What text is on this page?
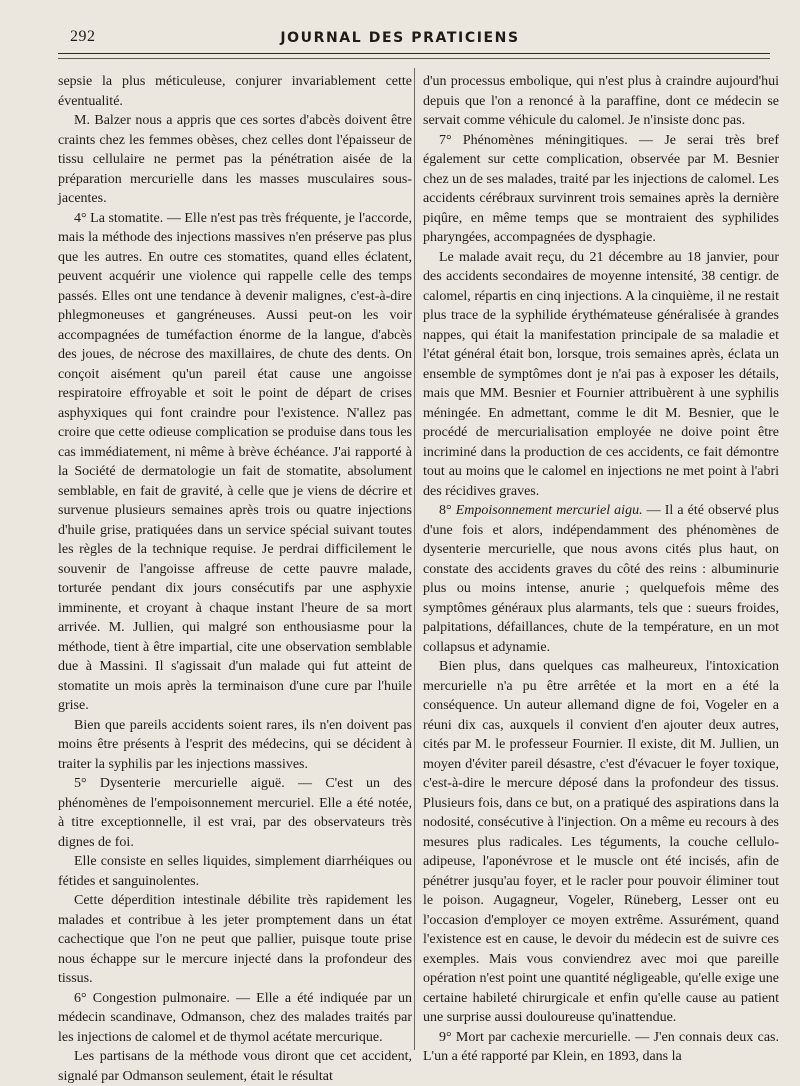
292	JOURNAL DES PRATICIENS

sepsie la plus méticuleuse, conjurer invariablement cette éventualité.

M. Balzer nous a appris que ces sortes d'abcès doivent être craints chez les femmes obèses, chez celles dont l'épaisseur de tissu cellulaire ne permet pas la pénétration aisée de la préparation mercurielle dans les masses musculaires sous-jacentes.

4° La stomatite. — Elle n'est pas très fréquente, je l'accorde, mais la méthode des injections massives n'en préserve pas plus que les autres. En outre ces stomatites, quand elles éclatent, peuvent acquérir une violence qui rappelle celle des temps passés. Elles ont une tendance à devenir malignes, c'est-à-dire phlegmoneuses et gangréneuses. Aussi peut-on les voir accompagnées de tuméfaction énorme de la langue, d'abcès des joues, de nécrose des maxillaires, de chute des dents. On conçoit aisément qu'un pareil état cause une angoisse respiratoire effroyable et soit le point de départ de crises asphyxiques qui font craindre pour l'existence. N'allez pas croire que cette odieuse complication se produise dans tous les cas immédiatement, ni même à brève échéance. J'ai rapporté à la Société de dermatologie un fait de stomatite, absolument semblable, en fait de gravité, à celle que je viens de décrire et survenue plusieurs semaines après trois ou quatre injections d'huile grise, pratiquées dans un service spécial suivant toutes les règles de la technique requise. Je perdrai difficilement le souvenir de l'angoisse affreuse de cette pauvre malade, torturée pendant dix jours consécutifs par une asphyxie imminente, et croyant à chaque instant l'heure de sa mort arrivée. M. Jullien, qui malgré son enthousiasme pour la méthode, tient à être impartial, cite une observation semblable due à Massini. Il s'agissait d'un malade qui fut atteint de stomatite un mois après la terminaison d'une cure par l'huile grise.

Bien que pareils accidents soient rares, ils n'en doivent pas moins être présents à l'esprit des médecins, qui se décident à traiter la syphilis par les injections massives.

5° Dysenterie mercurielle aiguë. — C'est un des phénomènes de l'empoisonnement mercuriel. Elle a été notée, à titre exceptionnelle, il est vrai, par des observateurs très dignes de foi.

Elle consiste en selles liquides, simplement diarrhéiques ou fétides et sanguinolentes.

Cette déperdition intestinale débilite très rapidement les malades et contribue à les jeter promptement dans un état cachectique que l'on ne peut que pallier, puisque toute prise nous échappe sur le mercure injecté dans la profondeur des tissus.

6° Congestion pulmonaire. — Elle a été indiquée par un médecin scandinave, Odmanson, chez des malades traités par les injections de calomel et de thymol acétate mercurique.

Les partisans de la méthode vous diront que cet accident, signalé par Odmanson seulement, était le résultat

d'un processus embolique, qui n'est plus à craindre aujourd'hui depuis que l'on a renoncé à la paraffine, dont ce médecin se servait comme véhicule du calomel. Je n'insiste donc pas.

7° Phénomènes méningitiques. — Je serai très bref également sur cette complication, observée par M. Besnier chez un de ses malades, traité par les injections de calomel. Les accidents cérébraux survinrent trois semaines après la dernière piqûre, en même temps que se montraient des syphilides pharyngées, accompagnées de dysphagie.

Le malade avait reçu, du 21 décembre au 18 janvier, pour des accidents secondaires de moyenne intensité, 38 centigr. de calomel, répartis en cinq injections. A la cinquième, il ne restait plus trace de la syphilide érythémateuse généralisée à grandes nappes, qui était la manifestation principale de sa maladie et l'état général était bon, lorsque, trois semaines après, éclata un ensemble de symptômes dont je n'ai pas à exposer les détails, mais que MM. Besnier et Fournier attribuèrent à une syphilis méningée. En admettant, comme le dit M. Besnier, que le procédé de mercurialisation employée ne doive point être incriminé dans la production de ces accidents, ce fait démontre tout au moins que le calomel en injections ne met point à l'abri des récidives graves.

8° Empoisonnement mercuriel aigu. — Il a été observé plus d'une fois et alors, indépendamment des phénomènes de dysenterie mercurielle, que nous avons cités plus haut, on constate des accidents graves du côté des reins : albuminurie plus ou moins intense, anurie ; quelquefois même des symptômes généraux plus alarmants, tels que : sueurs froides, palpitations, défaillances, chute de la température, en un mot collapsus et adynamie.

Bien plus, dans quelques cas malheureux, l'intoxication mercurielle n'a pu être arrêtée et la mort en a été la conséquence. Un auteur allemand digne de foi, Vogeler en a réuni dix cas, auxquels il convient d'en ajouter deux autres, cités par M. le professeur Fournier. Il existe, dit M. Jullien, un moyen d'éviter pareil désastre, c'est d'évacuer le foyer toxique, c'est-à-dire le mercure déposé dans la profondeur des tissus. Plusieurs fois, dans ce but, on a pratiqué des aspirations dans la nodosité, consécutive à l'injection. On a même eu recours à des mesures plus radicales. Les téguments, la couche cellulo-adipeuse, l'aponévrose et le muscle ont été incisés, afin de pénétrer jusqu'au foyer, et le racler pour pouvoir éliminer tout le poison. Augagneur, Vogeler, Rüneberg, Lesser ont eu l'occasion d'employer ce moyen extrême. Assurément, quand l'existence est en cause, le devoir du médecin est de suivre ces exemples. Mais vous conviendrez avec moi que pareille opération n'est point une quantité négligeable, qu'elle exige une certaine habileté chirurgicale et enfin qu'elle cause au patient une surprise aussi douloureuse qu'inattendue.

9° Mort par cachexie mercurielle. — J'en connais deux cas. L'un a été rapporté par Klein, en 1893, dans la
